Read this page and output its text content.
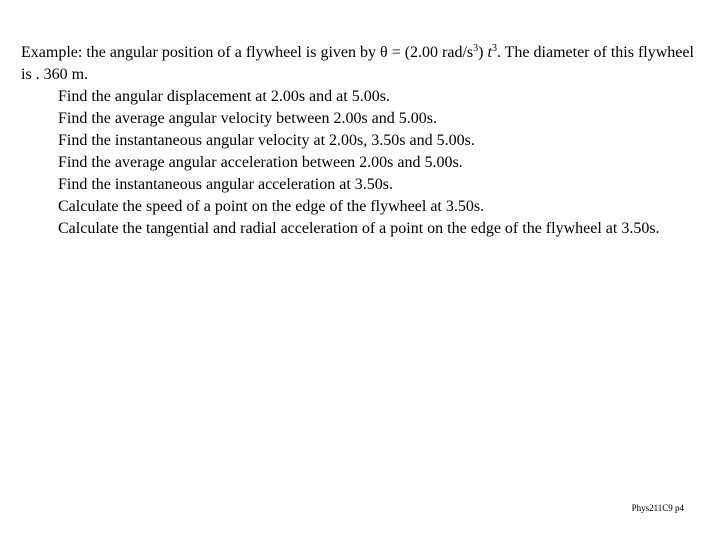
Example: the angular position of a flywheel is given by θ = (2.00 rad/$s^3$) $t^3$. The diameter of this flywheel is . 360 m.

Find the angular displacement at 2.00s and at 5.00s.
Find the average angular velocity between 2.00s and 5.00s.
Find the instantaneous angular velocity at 2.00s, 3.50s and 5.00s.
Find the average angular acceleration between 2.00s and 5.00s.
Find the instantaneous angular acceleration at 3.50s.
Calculate the speed of a point on the edge of the flywheel at 3.50s.
Calculate the tangential and radial acceleration of a point on the edge of the flywheel at 3.50s.
Phys211C9 p4
